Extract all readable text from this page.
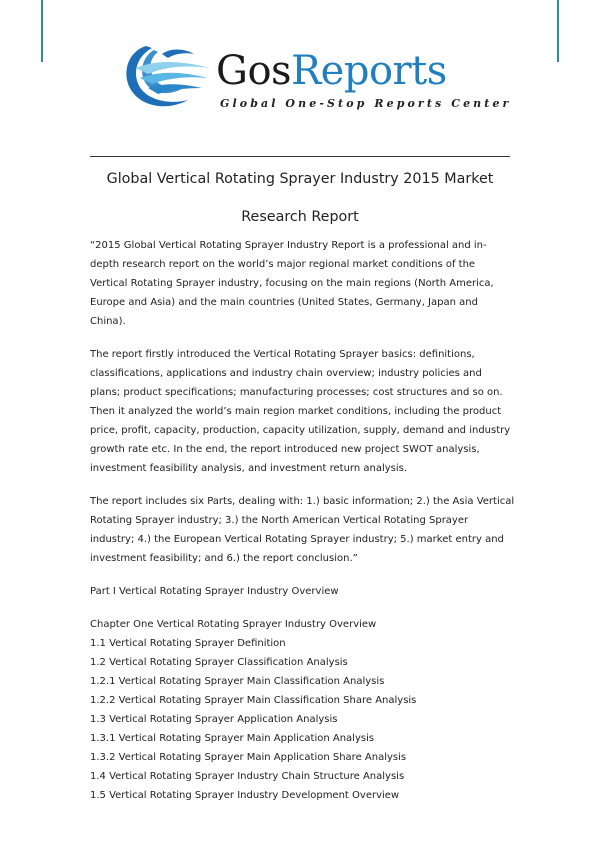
GosReports
Global One-Stop Reports Center
Global Vertical Rotating Sprayer Industry 2015 Market
Research Report

“2015 Global Vertical Rotating Sprayer Industry Report is a professional and in-depth research report on the world’s major regional market conditions of the Vertical Rotating Sprayer industry, focusing on the main regions (North America, Europe and Asia) and the main countries (United States, Germany, Japan and China).

The report firstly introduced the Vertical Rotating Sprayer basics: definitions, classifications, applications and industry chain overview; industry policies and plans; product specifications; manufacturing processes; cost structures and so on. Then it analyzed the world’s main region market conditions, including the product price, profit, capacity, production, capacity utilization, supply, demand and industry growth rate etc. In the end, the report introduced new project SWOT analysis, investment feasibility analysis, and investment return analysis.

The report includes six Parts, dealing with: 1.) basic information; 2.) the Asia Vertical Rotating Sprayer industry; 3.) the North American Vertical Rotating Sprayer industry; 4.) the European Vertical Rotating Sprayer industry; 5.) market entry and investment feasibility; and 6.) the report conclusion.”

Part I Vertical Rotating Sprayer Industry Overview

Chapter One Vertical Rotating Sprayer Industry Overview
1.1 Vertical Rotating Sprayer Definition
1.2 Vertical Rotating Sprayer Classification Analysis
1.2.1 Vertical Rotating Sprayer Main Classification Analysis
1.2.2 Vertical Rotating Sprayer Main Classification Share Analysis
1.3 Vertical Rotating Sprayer Application Analysis
1.3.1 Vertical Rotating Sprayer Main Application Analysis
1.3.2 Vertical Rotating Sprayer Main Application Share Analysis
1.4 Vertical Rotating Sprayer Industry Chain Structure Analysis
1.5 Vertical Rotating Sprayer Industry Development Overview
